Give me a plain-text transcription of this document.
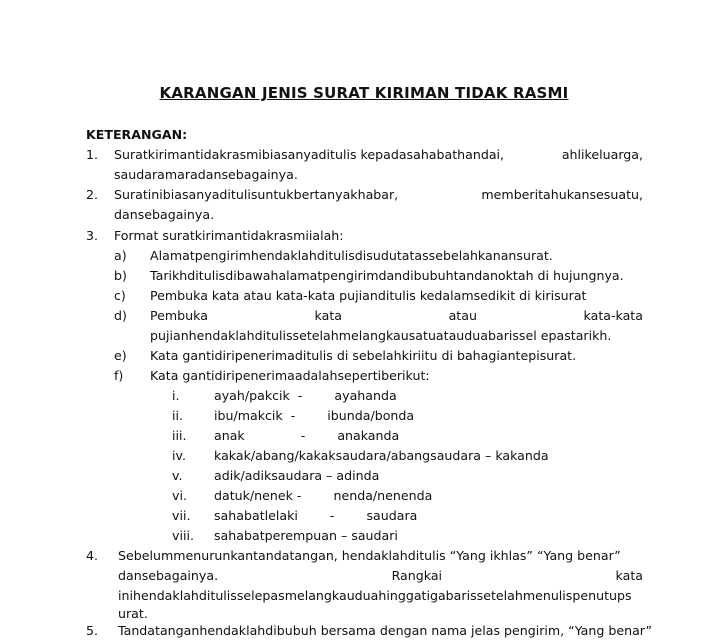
KARANGAN JENIS SURAT KIRIMAN TIDAK RASMI
KETERANGAN:
1. Suratkirimantidakrasmibiasanyaditulis kepadasahabathandai,	ahlikeluarga,
saudaramaradansebagainya.
2. Suratinibiasanyaditulisuntukbertanyakhabar,	memberitahukansesuatu,
dansebagainya.
3. Format suratkirimantidakrasmiialah:
a) Alamatpengirimhendaklahditulisdisudutatassebelahkanansurat.
b) Tarikhditulisdibawahalamatpengirimdandibubuhtandanoktah di hujungnya.
c) Pembuka kata atau kata-kata pujianditulis kedalamsedikit di kirisurat
d) Pembuka	kata	atau	kata-kata
pujianhendaklahditulissetelahmelangkausatuatauduabarissel epastarikh.
e) Kata gantidiripenerimaditulis di sebelahkiriitu di bahagiantepisurat.
f) Kata gantidiripenerimaadalahsepertiberikut:
i.	ayah/pakcik  -        ayahanda
ii. ibu/makcik  -        ibunda/bonda
iii. anak              -        anakanda
iv. kakak/abang/kakaksaudara/abangsaudara – kakanda
v.	adik/adiksaudara – adinda
vi. datuk/nenek -        nenda/nenenda
vii. sahabatlelaki        -        saudara
viii. sahabatperempuan – saudari
4. Sebelummenurunkantandatangan, hendaklahditulis “Yang ikhlas” “Yang benar”
dansebagainya.	Rangkai	kata
inihendaklahditulisselepasmelangkauduahinggatigabarissetelahmenulispenutups
urat.
5. Tandatanganhendaklahdibubuh bersama dengan nama jelas pengirim, “Yang benar”
